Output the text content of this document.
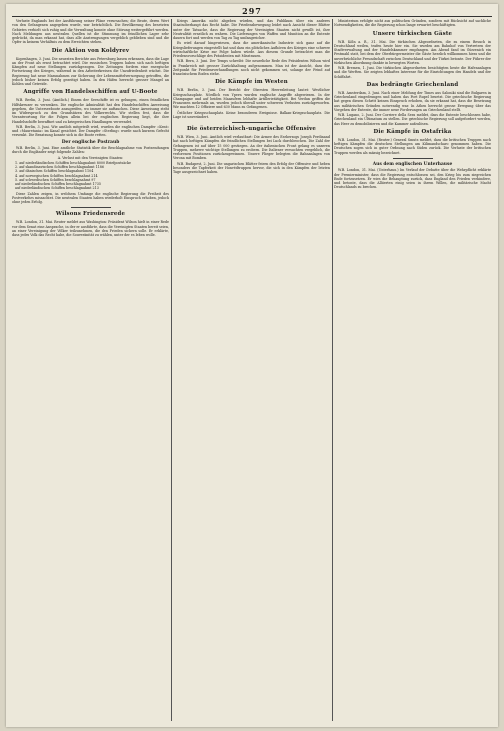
297

Verluste Englands bei der Ausführung seiner Pläne verursachen; die Beute, deren Wert von den Gefangenen angegeben wurde, war beträchtlich. Die Bevölkerung des besetzten Gebietes verhielt sich ruhig und die Verwaltung konnte ohne Störung weitergeführt werden. Nach Meldungen aus neutralen Quellen ist die Stimmung im feindlichen Lager sehr gedrückt, da man erkannt hat, dass alle Anstrengungen vergeblich geblieben sind und die Opfer in keinem Verhältnis zu dem Erreichten stehen.

Die Aktion von Koldyrev

Kopenhagen, 3. Juni. Die neuesten Berichte aus Petersburg lassen erkennen, dass die Lage an der Front als ernst betrachtet wird. Die russischen Truppen haben sich nach heftigen Kämpfen auf neue Stellungen zurückgezogen. Die Zeitungen fordern eine energische Fortsetzung des Krieges, während in den Arbeiterkreisen die Unzufriedenheit wächst. Die Regierung hat neue Massnahmen zur Sicherung der Lebensmittelversorgung getroffen, die jedoch bisher keinen Erfolg gezeitigt haben. In den Häfen herrscht grosser Mangel an Kohlen und Getreide.

Angriffe von Handelsschiffen auf U-Boote

W.B. Berlin, 3. Juni. (Amtlich.) Einem der Seeschiffe ist es gelungen, einen feindlichen Hilfskreuzer zu versenken. Die englische Admiralität hat den Handelsschiffen Anweisung gegeben, die Unterseeboote anzugreifen, wo immer sie auftauchen. Diese Anweisung steht im Widerspruch zu den Grundsätzen des Völkerrechts. Wir stellen fest, dass die Verantwortung für die Folgen allein bei der englischen Regierung liegt, die ihre Handelsschiffe bewaffnet und zu kriegerischen Handlungen verwendet.

W.B. Berlin, 3. Juni. Wie amtlich mitgeteilt wird, wurden die englischen Dampfer »Kent« und »Mauretania« im Kanal gesichtet. Der Dampfer »Sterling« wurde nach kurzem Gefecht versenkt. Die Besatzung konnte sich in die Boote retten.

Der englische Postraub

W.B. Berlin, 3. Juni. Eine amtliche Statistik über die Beschlagnahme von Postsendungen durch die Engländer zeigt folgende Zahlen:

A. Verlust mit den Vereinigten Staaten:
1. auf niederländischen Schiffen beschlagnahmt 8000 Briefpostsäcke
2. auf skandinavischen Schiffen beschlagnahmt 1186
3. auf dänischen Schiffen beschlagnahmt 1104
4. auf norwegischen Schiffen beschlagnahmt 214
5. auf schwedischen Schiffen beschlagnahmt 97
auf niederländischen Schiffen beschlagnahmt 1735
auf niederländischen Schiffen beschlagnahmt 213

Diese Zahlen zeigen, in welchem Umfange die englische Regierung die Freiheit des Postverkehrs missachtet. Die neutralen Staaten haben wiederholt Einspruch erhoben, jedoch ohne jeden Erfolg.

Wilsons Friedensrede

W.B. London, 31. Mai. Reuter meldet aus Washington: Präsident Wilson hielt in einer Rede vor dem Senat eine Ansprache, in der er ausführte, dass die Vereinigten Staaten bereit seien, an einer Vereinigung der Völker teilzunehmen, die den Frieden sichern solle. Er erklärte, dass jedes Volk das Recht habe, die Souveränität zu wählen, unter der es leben wolle.

Kriegs Amerika nicht abgeben würden, und das Publikum über ein anderes Staatsoberhaupt das Recht habe. Die Friedensbewegung leidet nach Ansicht dieser Blätter unter der Tatsache, dass die Regierung der Vereinigten Staaten nicht gewillt ist, ihre Neutralität ernstlich zu wahren. Die Lieferungen von Waffen und Munition an die Entente dauern fort und werden von Tag zu Tag umfangreicher.

Es wird darauf hingewiesen, dass die amerikanische Industrie sich ganz auf die Kriegslieferungen eingestellt hat und dass ein plötzliches Aufhören des Krieges eine schwere wirtschaftliche Krise zur Folge haben würde. Aus diesem Grunde betrachtet man die Friedensvorschläge des Präsidenten mit Misstrauen.

W.B. Bern, 3. Juni. Der Temps schreibt: Die neuerliche Rede des Präsidenten Wilson wird in Frankreich mit grosser Zurückhaltung aufgenommen. Man ist der Ansicht, dass der Zeitpunkt für Friedensverhandlungen noch nicht gekommen sei, solange der Feind auf französischem Boden stehe.

Die Kämpfe im Westen

W.B. Berlin, 3. Juni. Der Bericht der Obersten Heeresleitung lautet: Westlicher Kriegsschauplatz. Nördlich von Ypern wurden englische Angriffe abgewiesen. In der Champagne und auf beiden Maasufern lebhafte Artillerietätigkeit. Bei Verdun griffen die Franzosen mehrmals an, wurden jedoch überall unter schweren Verlusten zurückgeworfen. Wir machten 12 Offiziere und 630 Mann zu Gefangenen.

Östlicher Kriegsschauplatz. Keine besonderen Ereignisse. Balkan-Kriegsschauplatz. Die Lage ist unverändert.

Die österreichisch-ungarische Offensive

W.B. Wien, 3. Juni. Amtlich wird verlautbart: Die Armee des Erzherzogs Joseph Ferdinand hat nach heftigen Kämpfen die feindlichen Stellungen bei Luck durchbrochen. Die Zahl der Gefangenen ist auf über 15 000 gestiegen. An der italienischen Front gelang es unseren Truppen, mehrere wichtige Stellungen zu erobern. Die Italiener versuchten vergeblich, die verlorenen Positionen zurückzugewinnen. Unsere Flieger belegten die Bahnanlagen von Verona mit Bomben.

W.B. Budapest, 2. Juni. Die ungarischen Blätter feiern den Erfolg der Offensive und heben besonders die Tapferkeit der Honvédtruppen hervor, die sich in den Kämpfen der letzten Tage ausgezeichnet haben.

Ministerium erfolgte nicht aus politischen Gründen, sondern mit Rücksicht auf sachliche Notwendigkeiten, die die Regierung schon lange erwartet beschäftigten.

Unsere türkischen Gäste

W.B. Köln a. R., 31. Mai. Die türkischen Abgeordneten, die zu einem Besuch in Deutschland weilen, trafen heute hier ein. Sie wurden am Bahnhof von Vertretern der Stadtverwaltung und der Handelskammer empfangen. Am Abend fand im Gürzenich ein Festmahl statt, bei dem der Oberbürgermeister die Gäste herzlich willkommen hiess und die unverbrüchliche Freundschaft zwischen Deutschland und der Türkei betonte. Der Führer der türkischen Abordnung dankte in bewegten Worten.

W.B. Bremen, 1. Juni. Die türkischen Abgeordneten besichtigten heute die Hafenanlagen und die Werften. Sie zeigten lebhaftes Interesse für die Einrichtungen des Handels und der Schiffahrt.

Das bedrängte Griechenland

W.B. Amsterdam, 3. Juni. Nach einer Meldung der Times aus Saloniki sind die Bulgaren in Griechenland eingedrungen und haben das Fort Rupel besetzt. Die griechische Regierung hat gegen diesen Schritt keinen Einspruch erhoben, da sie erkannt hat, dass die Besetzung aus militärischen Gründen notwendig war. In Athen herrscht grosse Erregung über das Vorgehen der Entente, die immer neue Forderungen an Griechenland stellt.

W.B. Lugano, 2. Juni. Der Corriere della Sera meldet, dass die Entente beschlossen habe, Griechenland ein Ultimatum zu stellen. Die griechische Regierung soll aufgefordert werden, das Heer zu demobilisieren und die Kammer aufzulösen.

Die Kämpfe in Ostafrika

W.B. London, 31. Mai. (Reuter.) General Smuts meldet, dass die britischen Truppen nach heftigen Kämpfen die deutschen Stellungen am Kilimandscharo genommen haben. Die Deutschen zogen sich in guter Ordnung nach Süden zurück. Die Verluste der britischen Truppen werden als mässig bezeichnet.

Aus dem englischen Unterhause

W.B. London, 31. Mai. (Unterhaus.) Im Verlauf der Debatte über die Wehrpflicht erklärte der Premierminister, dass die Regierung entschlossen sei, den Krieg bis zum siegreichen Ende fortzusetzen. Er wies die Behauptung zurück, dass England den Frieden verhindere, und betonte, dass die Alliierten einig seien in ihrem Willen, die militärische Macht Deutschlands zu brechen.
